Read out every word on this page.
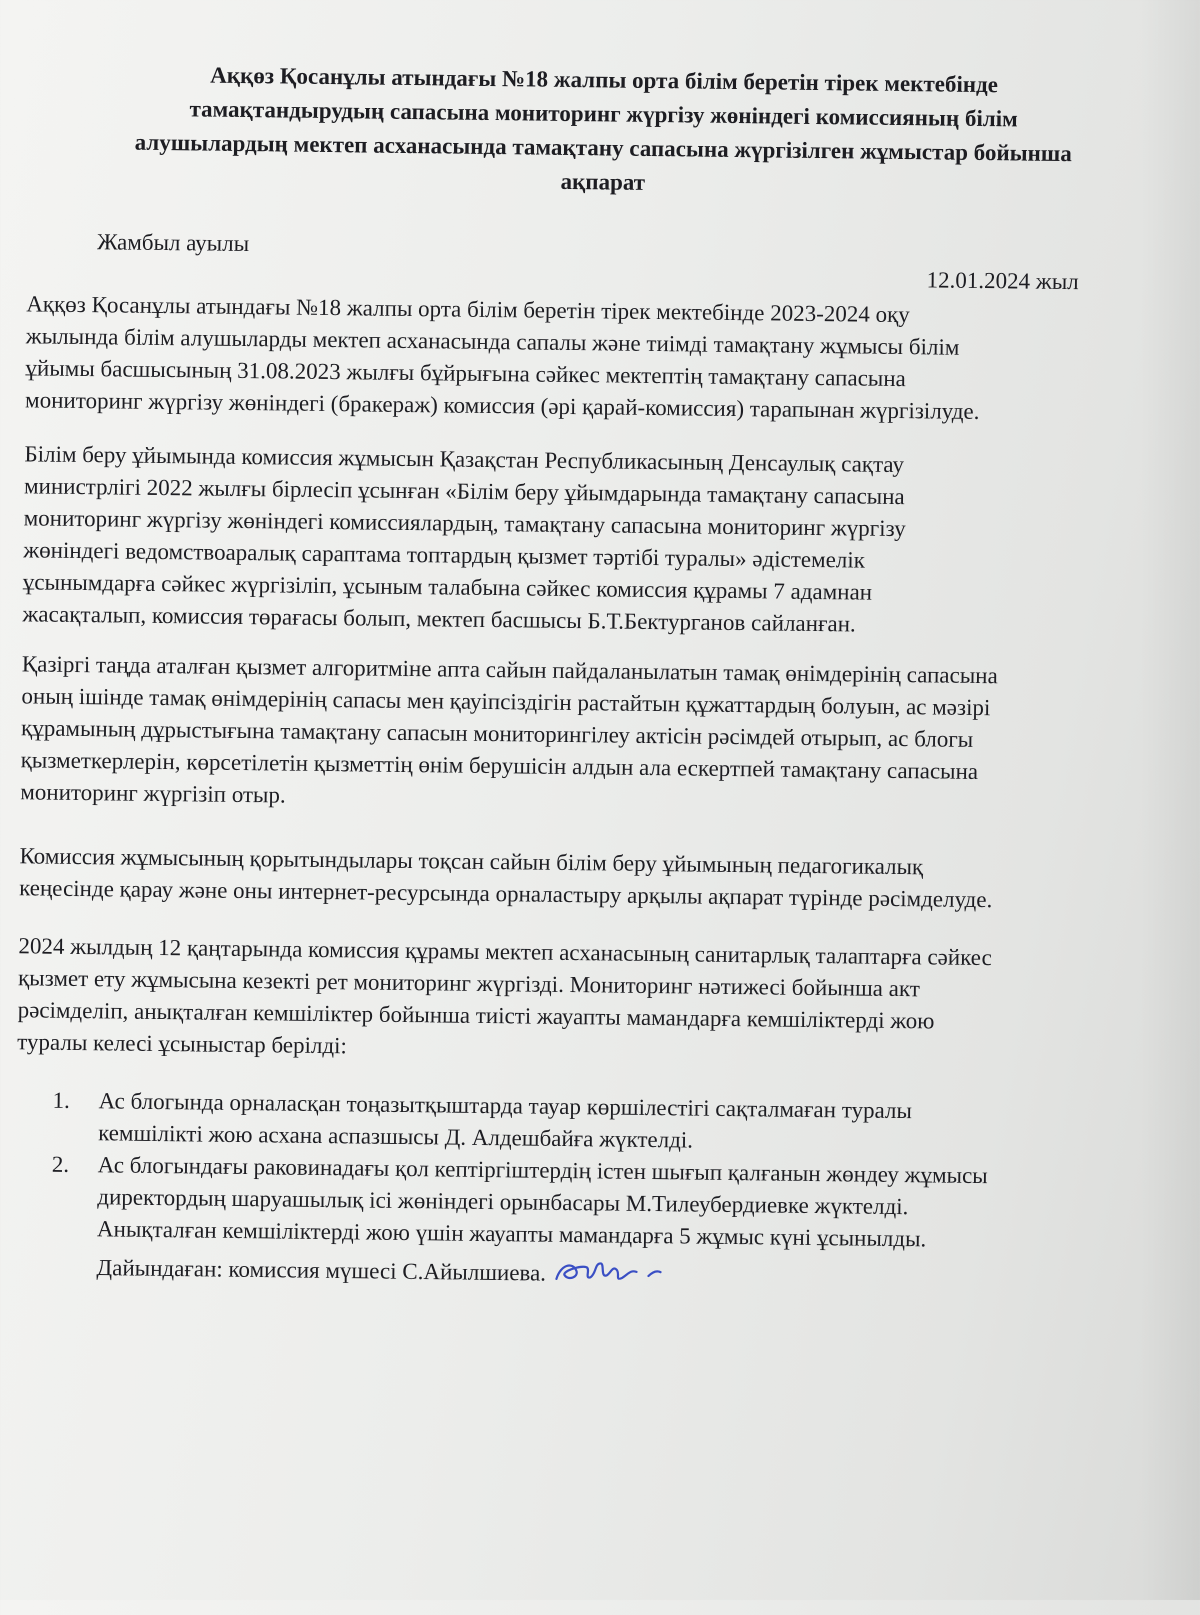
Аққөз Қосанұлы атындағы №18 жалпы орта білім беретін тірек мектебінде
тамақтандырудың сапасына мониторинг жүргізу жөніндегі комиссияның білім
алушылардың мектеп асханасында тамақтану сапасына жүргізілген жұмыстар бойынша
ақпарат
Жамбыл ауылы
12.01.2024 жыл

Аққөз Қосанұлы атындағы №18 жалпы орта білім беретін тірек мектебінде 2023-2024 оқу
жылында білім алушыларды мектеп асханасында сапалы және тиімді тамақтану жұмысы білім
ұйымы басшысының 31.08.2023 жылғы бұйрығына сәйкес мектептің тамақтану сапасына
мониторинг жүргізу жөніндегі (бракераж) комиссия (әрі қарай-комиссия) тарапынан жүргізілуде.

Білім беру ұйымында комиссия жұмысын Қазақстан Республикасының Денсаулық сақтау
министрлігі 2022 жылғы бірлесіп ұсынған «Білім беру ұйымдарында тамақтану сапасына
мониторинг жүргізу жөніндегі комиссиялардың, тамақтану сапасына мониторинг жүргізу
жөніндегі ведомствоаралық сараптама топтардың қызмет тәртібі туралы» әдістемелік
ұсынымдарға сәйкес жүргізіліп, ұсыным талабына сәйкес комиссия құрамы 7 адамнан
жасақталып, комиссия төрағасы болып, мектеп басшысы Б.Т.Бектурганов сайланған.

Қазіргі таңда аталған қызмет алгоритміне апта сайын пайдаланылатын тамақ өнімдерінің сапасына
оның ішінде тамақ өнімдерінің сапасы мен қауіпсіздігін растайтын құжаттардың болуын, ас мәзірі
құрамының дұрыстығына тамақтану сапасын мониторингілеу актісін рәсімдей отырып, ас блогы
қызметкерлерін, көрсетілетін қызметтің өнім берушісін алдын ала ескертпей тамақтану сапасына
мониторинг жүргізіп отыр.

Комиссия жұмысының қорытындылары тоқсан сайын білім беру ұйымының педагогикалық
кеңесінде қарау және оны интернет-ресурсында орналастыру арқылы ақпарат түрінде рәсімделуде.

2024 жылдың 12 қаңтарында комиссия құрамы мектеп асханасының санитарлық талаптарға сәйкес
қызмет ету жұмысына кезекті рет мониторинг жүргізді. Мониторинг нәтижесі бойынша акт
рәсімделіп, анықталған кемшіліктер бойынша тиісті жауапты мамандарға кемшіліктерді жою
туралы келесі ұсыныстар берілді:

1. Ас блогында орналасқан тоңазытқыштарда тауар көршілестігі сақталмаған туралы
кемшілікті жою асхана аспазшысы Д. Алдешбайға жүктелді.
2. Ас блогындағы раковинадағы қол кептіргіштердің істен шығып қалғанын жөндеу жұмысы
директордың шаруашылық ісі жөніндегі орынбасары М.Тилеубердиевке жүктелді.
Анықталған кемшіліктерді жою үшін жауапты мамандарға 5 жұмыс күні ұсынылды.
Дайындаған: комиссия мүшесі С.Айылшиева.
